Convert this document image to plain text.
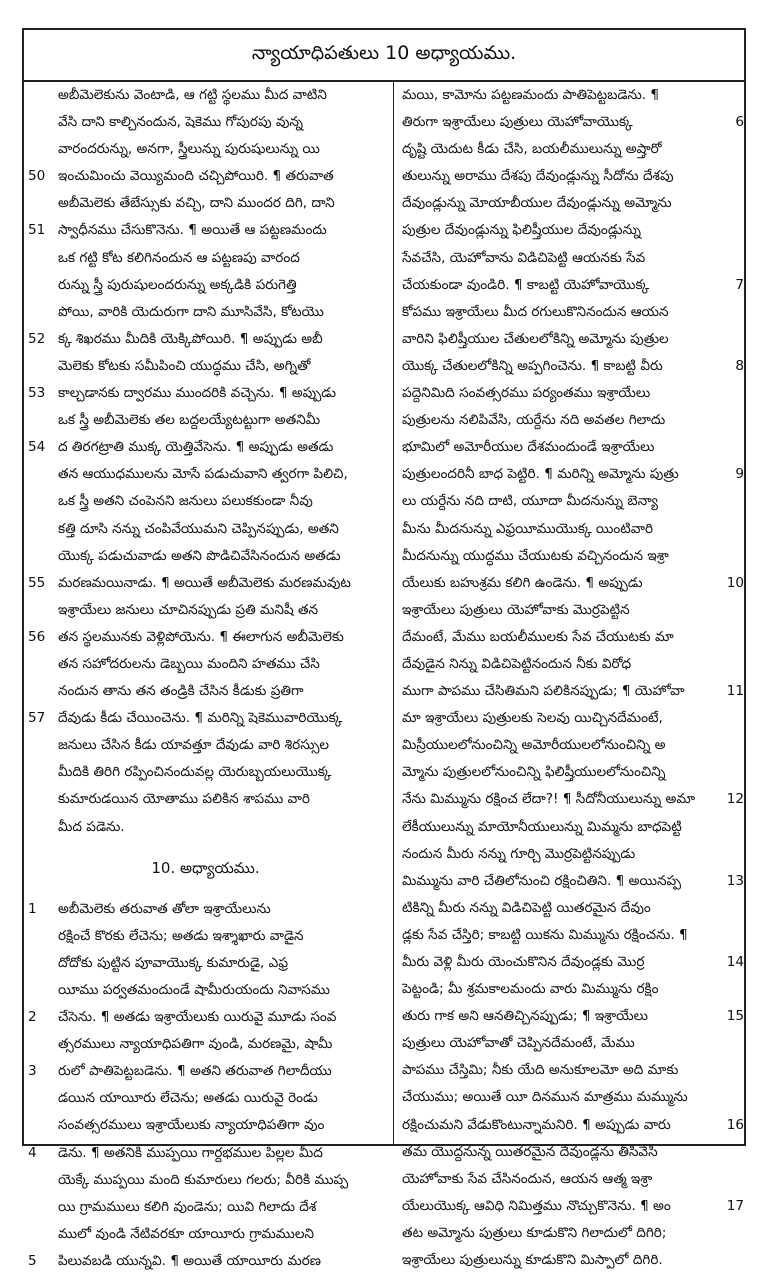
న్యాయాధిపతులు 10 అధ్యాయము.
అబీమెలెకును వెంటాడి, ఆ గట్టి స్థలము మీద వాటిని
వేసి దాని కాల్చినందున, షెకెము గోపురపు వున్న
వారందరున్ను, అనగా, స్త్రీలున్ను పురుషులున్ను యి
50 ఇంచుమించు వెయ్యిమంది చచ్చిపోయిరి. ¶ తరువాత
అబీమెలెకు తేబేస్సుకు వచ్చి, దాని ముందర దిగి, దాని
51 స్వాధీనము చేసుకొనెను. ¶ అయితే ఆ పట్టణమందు
ఒక గట్టి కోట కలిగినందున ఆ పట్టణపు వారంద
రున్ను స్త్రీ పురుషులందరున్ను అక్కడికి పరుగెత్తి
పోయి, వారికి యెదురుగా దాని మూసివేసి, కోటయొ
52 క్క శిఖరము మీదికి యెక్కిపోయిరి. ¶ అప్పుడు అబీ
మెలెకు కోటకు సమీపించి యుద్ధము చేసి, అగ్నితో
53 కాల్చడానకు ద్వారము ముందరికి వచ్చెను. ¶ అప్పుడు
ఒక స్త్రీ అబీమెలెకు తల బద్దలయ్యేటట్టుగా అతనిమీ
54 ద తిరగట్రాతి ముక్క యెత్తివేసెను. ¶ అప్పుడు అతడు
తన ఆయుధములను మోసే పడుచువాని త్వరగా పిలిచి,
ఒక స్త్రీ అతని చంపెనని జనులు పలుకకుండా నీవు
కత్తి దూసి నన్ను చంపివేయుమని చెప్పినప్పుడు, అతని
యొక్క పడుచువాడు అతని పొడిచివేసినందున అతడు
55 మరణమయినాడు. ¶ అయితే అబీమెలెకు మరణమవుట
ఇశ్రాయేలు జనులు చూచినప్పుడు ప్రతి మనిషీ తన
56 తన స్థలమునకు వెళ్లిపోయెను. ¶ ఈలాగున అబీమెలెకు
తన సహోదరులను డెబ్బయి మందిని హతము చేసి
నందున తాను తన తండ్రికి చేసిన కీడుకు ప్రతిగా
57 దేవుడు కీడు చేయించెను. ¶ మరిన్ని షెకెమువారియొక్క
జనులు చేసిన కీడు యావత్తూ దేవుడు వారి శిరస్సుల
మీదికి తిరిగి రప్పించినందువల్ల యెరుబ్బయలుయొక్క
కుమారుడయిన యోతాము పలికిన శాపము వారి
మీద పడెను.
10. అధ్యాయము.
1 అబీమెలెకు తరువాత తోలా ఇశ్రాయేలును
రక్షించే కొరకు లేచెను; అతడు ఇశ్శాఖారు వాడైన
దోదోకు పుట్టిన పూవాయొక్క కుమారుడై, ఎఫ్ర
యీము పర్వతమందుండే షామీరుయందు నివాసము
2 చేసెను. ¶ అతడు ఇశ్రాయేలుకు యిరువై మూడు సంవ
త్సరములు న్యాయాధిపతిగా వుండి, మరణమై, షామీ
3 రులో పాతిపెట్టబడెను. ¶ అతని తరువాత గిలాదీయు
డయిన యాయీరు లేచెను; అతడు యిరువై రెండు
సంవత్సరములు ఇశ్రాయేలుకు న్యాయాధిపతిగా వుం
4 డెను. ¶ అతనికి ముప్పయి గార్దభముల పిల్లల మీద
యెక్కే ముప్పయి మంది కుమారులు గలరు; వీరికి ముప్ప
యి గ్రామములు కలిగి వుండెను; యివి గిలాదు దేశ
ములో వుండి నేటివరకూ యాయీరు గ్రామములని
5 పిలువబడి యున్నవి. ¶ అయితే యాయీరు మరణ
మయి, కామోను పట్టణమందు పాతిపెట్టబడెను. ¶
6
తిరుగా ఇశ్రాయేలు పుత్రులు యెహోవాయొక్క
దృష్టి యెదుట కీడు చేసి, బయలీములున్ను అష్తారో
తులున్ను అరాము దేశపు దేవుండ్లున్ను సీదోను దేశపు
దేవుండ్లున్ను మోయాబీయుల దేవుండ్లున్ను అమ్మోను
పుత్రుల దేవుండ్లున్ను ఫిలిష్తీయుల దేవుండ్లున్ను
సేవచేసి, యెహోవాను విడిచిపెట్టి ఆయనకు సేవ
7
చేయకుండా వుండిరి. ¶ కాబట్టి యెహోవాయొక్క
కోపము ఇశ్రాయేలు మీద రగులుకొనినందున ఆయన
వారిని ఫిలిష్తీయుల చేతులలోకిన్ని అమ్మోను పుత్రుల
8
యొక్క చేతులలోకిన్ని అప్పగించెను. ¶ కాబట్టి వీరు
పద్దెనిమిది సంవత్సరము పర్యంతము ఇశ్రాయేలు
పుత్రులను నలిపివేసి, యర్దేను నది అవతల గిలాదు
భూమిలో అమోరీయుల దేశమందుండే ఇశ్రాయేలు
9
పుత్రులందరినీ బాధ పెట్టిరి. ¶ మరిన్ని అమ్మోను పుత్రు
లు యర్దేను నది దాటి, యూదా మీదనున్ను బెన్యా
మీను మీదనున్ను ఎఫ్రయీముయొక్క యింటివారి
మీదనున్ను యుద్ధము చేయుటకు వచ్చినందున ఇశ్రా
10
యేలుకు బహుశ్రమ కలిగి ఉండెను. ¶ అప్పుడు
ఇశ్రాయేలు పుత్రులు యెహోవాకు మొర్రపెట్టిన
దేమంటే, మేము బయలీములకు సేవ చేయుటకు మా
దేవుడైన నిన్ను విడిచిపెట్టినందున నీకు విరోధ
11
ముగా పాపము చేసితిమని పలికినప్పుడు; ¶ యెహోవా
మా ఇశ్రాయేలు పుత్రులకు సెలవు యిచ్చినదేమంటే,
మిస్రీయులలోనుంచిన్ని అమోరీయులలోనుంచిన్ని అ
మ్మోను పుత్రులలోనుంచిన్ని ఫిలిష్తీయులలోనుంచిన్ని
12
నేను మిమ్మును రక్షించ లేదా?! ¶ సీదోనీయులున్ను అమా
లేకీయులున్ను మాయోనీయులున్ను మిమ్మను బాధపెట్టి
నందున మీరు నన్ను గూర్చి మొర్రపెట్టినప్పుడు
13
మిమ్మును వారి చేతిలోనుంచి రక్షించితిని. ¶ అయినప్ప
టికిన్ని మీరు నన్ను విడిచిపెట్టి యితరమైన దేవుం
డ్లకు సేవ చేస్తిరి; కాబట్టి యికను మిమ్మును రక్షించను. ¶
14
మీరు వెళ్లి మీరు యెంచుకొనిన దేవుండ్లకు మొర్ర
పెట్టండి; మీ శ్రమకాలమందు వారు మిమ్మును రక్షిం
15
తురు గాక అని ఆనతిచ్చినప్పుడు; ¶ ఇశ్రాయేలు
పుత్రులు యెహోవాతో చెప్పినదేమంటే, మేము
పాపము చేస్తిమి; నీకు యేది అనుకూలమో అది మాకు
చేయుము; అయితే యీ దినమున మాత్రము మమ్మును
16
రక్షించుమని వేడుకొంటున్నామనిరి. ¶ అప్పుడు వారు
తమ యొద్దనున్న యితరమైన దేవుండ్లను తీసివేసి
యెహోవాకు సేవ చేసినందున, ఆయన ఆత్మ ఇశ్రా
17
యేలుయొక్క ఆవిధి నిమిత్తము నొచ్చుకొనెను. ¶ అం
తట అమ్మోను పుత్రులు కూడుకొని గిలాదులో దిగిరి;
ఇశ్రాయేలు పుత్రులున్ను కూడుకొని మిస్పాలో దిగిరి.
